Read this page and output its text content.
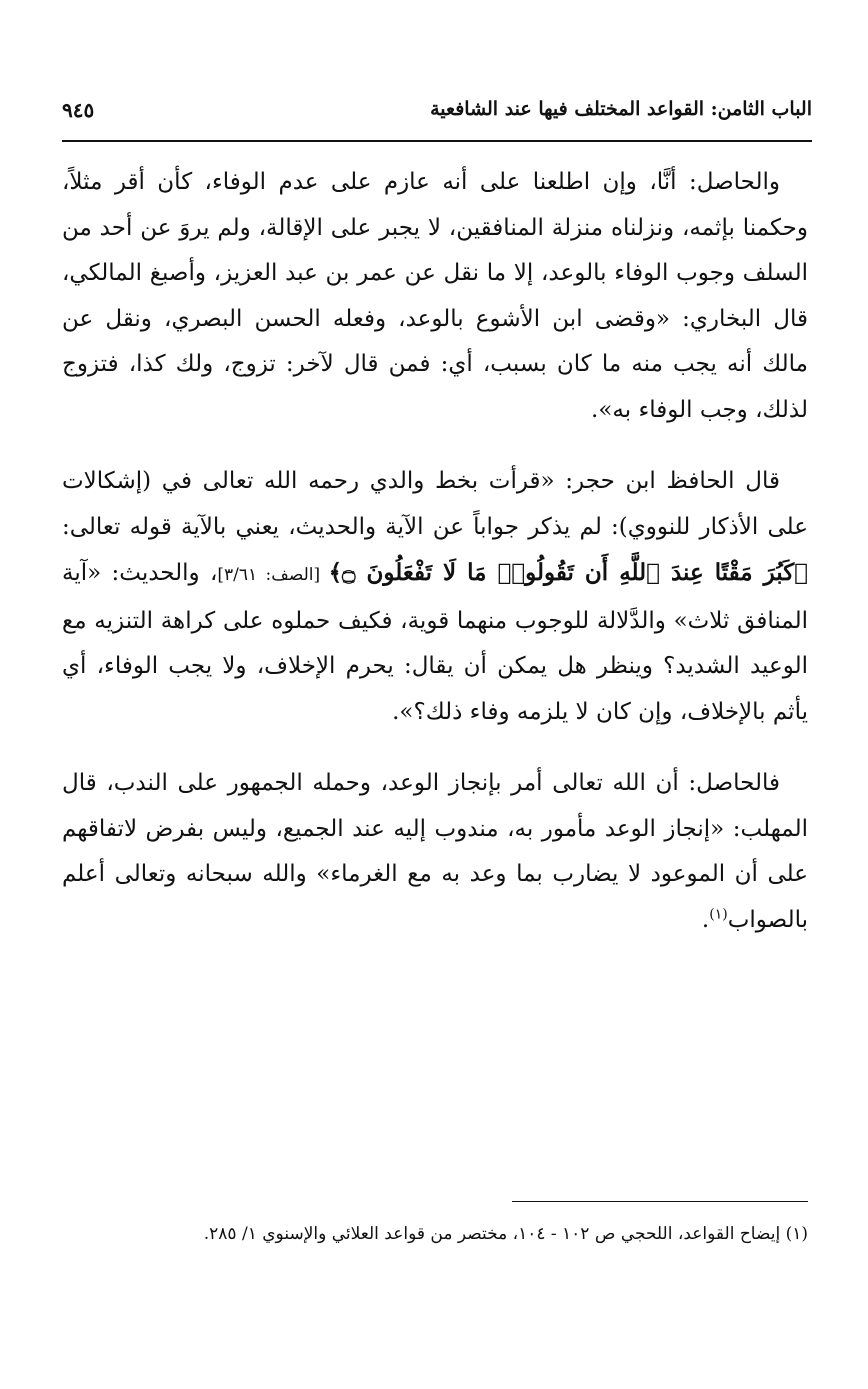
الباب الثامن: القواعد المختلف فيها عند الشافعية
٩٤٥

والحاصل: أنَّا، وإن اطلعنا على أنه عازم على عدم الوفاء، كأن أقر مثلاً، وحكمنا بإثمه، ونزلناه منزلة المنافقين، لا يجبر على الإقالة، ولم يروَ عن أحد من السلف وجوب الوفاء بالوعد، إلا ما نقل عن عمر بن عبد العزيز، وأصبغ المالكي، قال البخاري: «وقضى ابن الأشوع بالوعد، وفعله الحسن البصري، ونقل عن مالك أنه يجب منه ما كان بسبب، أي: فمن قال لآخر: تزوج، ولك كذا، فتزوج لذلك، وجب الوفاء به».

قال الحافظ ابن حجر: «قرأت بخط والدي رحمه الله تعالى في (إشكالات على الأذكار للنووي): لم يذكر جواباً عن الآية والحديث، يعني بالآية قوله تعالى: ﴿كَبُرَ مَقْتًا عِندَ ٱللَّهِ أَن تَقُولُوا۟ مَا لَا تَفْعَلُونَ ۝﴾ [الصف: ٣/٦١]، والحديث: «آية المنافق ثلاث» والدَّلالة للوجوب منهما قوية، فكيف حملوه على كراهة التنزيه مع الوعيد الشديد؟ وينظر هل يمكن أن يقال: يحرم الإخلاف، ولا يجب الوفاء، أي يأثم بالإخلاف، وإن كان لا يلزمه وفاء ذلك؟».

فالحاصل: أن الله تعالى أمر بإنجاز الوعد، وحمله الجمهور على الندب، قال المهلب: «إنجاز الوعد مأمور به، مندوب إليه عند الجميع، وليس بفرض لاتفاقهم على أن الموعود لا يضارب بما وعد به مع الغرماء» والله سبحانه وتعالى أعلم بالصواب$^{(١)}$.

(١) إيضاح القواعد، اللحجي ص ١٠٢ - ١٠٤، مختصر من قواعد العلائي والإسنوي ١/ ٢٨٥.
